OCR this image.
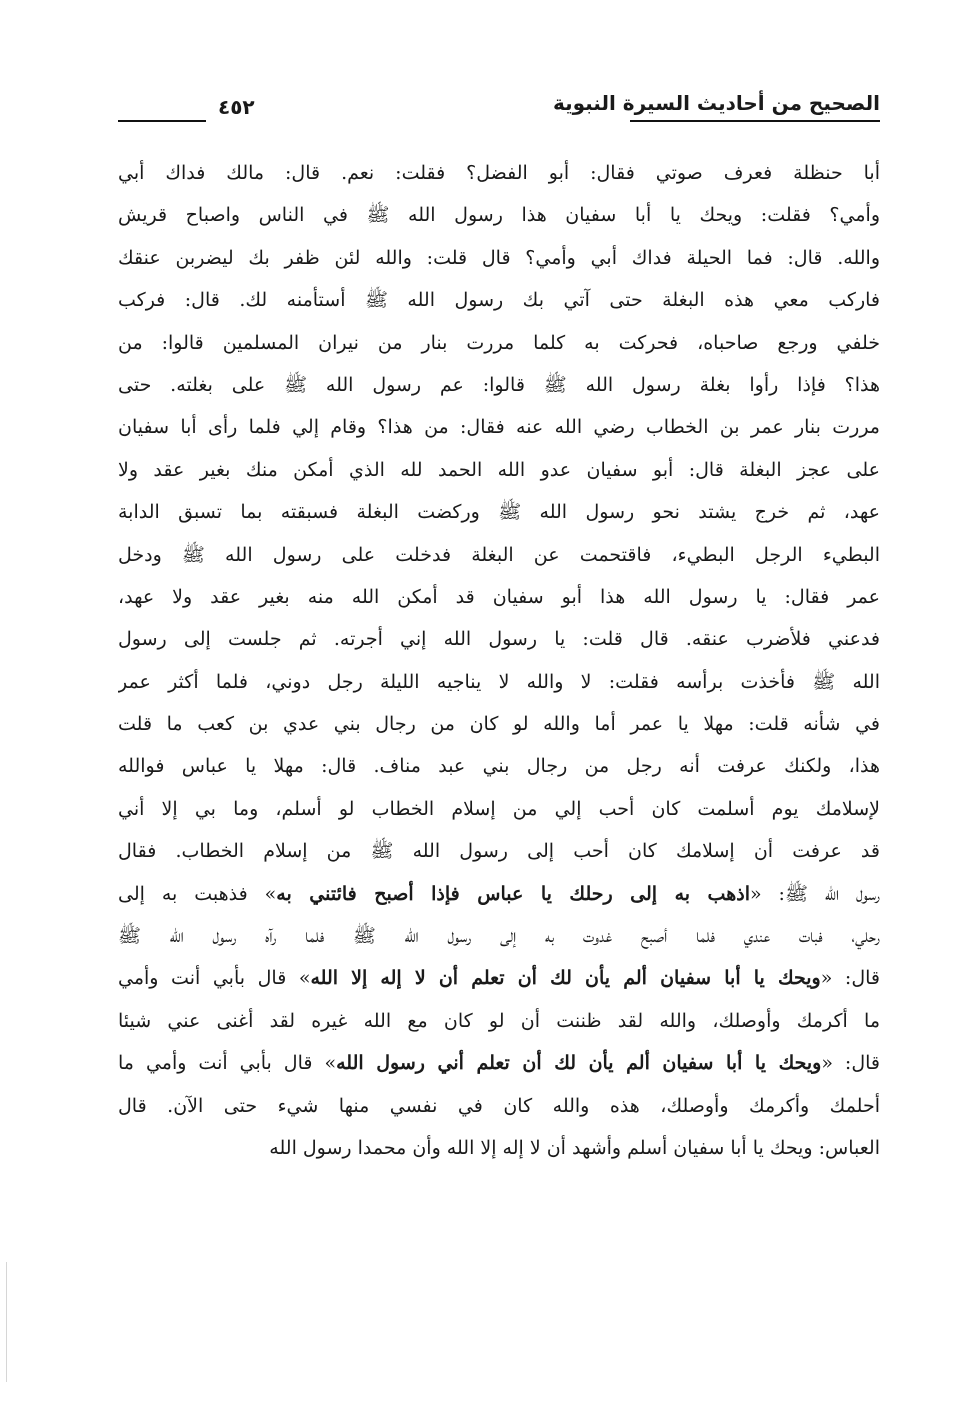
الصحيح من أحاديث السيرة النبوية
٤٥٢
أبا حنظلة فعرف صوتي فقال: أبو الفضل؟ فقلت: نعم. قال: مالك فداك أبي
وأمي؟ فقلت: ويحك يا أبا سفيان هذا رسول الله ﷺ في الناس واصباح قريش
والله. قال: فما الحيلة فداك أبي وأمي؟ قال قلت: والله لئن ظفر بك ليضربن عنقك
فاركب معي هذه البغلة حتى آتي بك رسول الله ﷺ أستأمنه لك. قال: فركب
خلفي ورجع صاحباه، فحركت به كلما مررت بنار من نيران المسلمين قالوا: من
هذا؟ فإذا رأوا بغلة رسول الله ﷺ قالوا: عم رسول الله ﷺ على بغلته. حتى
مررت بنار عمر بن الخطاب رضي الله عنه فقال: من هذا؟ وقام إلي فلما رأى أبا سفيان
على عجز البغلة قال: أبو سفيان عدو الله الحمد لله الذي أمكن منك بغير عقد ولا
عهد، ثم خرج يشتد نحو رسول الله ﷺ وركضت البغلة فسبقته بما تسبق الدابة
البطيء الرجل البطيء، فاقتحمت عن البغلة فدخلت على رسول الله ﷺ ودخل
عمر فقال: يا رسول الله هذا أبو سفيان قد أمكن الله منه بغير عقد ولا عهد،
فدعني فلأضرب عنقه. قال قلت: يا رسول الله إني أجرته. ثم جلست إلى رسول
الله ﷺ فأخذت برأسه فقلت: لا والله لا يناجيه الليلة رجل دوني، فلما أكثر عمر
في شأنه قلت: مهلا يا عمر أما والله لو كان من رجال بني عدي بن كعب ما قلت
هذا، ولكنك عرفت أنه رجل من رجال بني عبد مناف. قال: مهلا يا عباس فوالله
لإسلامك يوم أسلمت كان أحب إلي من إسلام الخطاب لو أسلم، وما بي إلا أني
قد عرفت أن إسلامك كان أحب إلى رسول الله ﷺ من إسلام الخطاب. فقال
رسول الله ﷺ: «اذهب به إلى رحلك يا عباس فإذا أصبح فائتني به» فذهبت به إلى
رحلي، فبات عندي فلما أصبح غدوت به إلى رسول الله ﷺ فلما رآه رسول الله ﷺ
قال: «ويحك يا أبا سفيان ألم يأن لك أن تعلم أن لا إله إلا الله» قال بأبي أنت وأمي
ما أكرمك وأوصلك، والله لقد ظننت أن لو كان مع الله غيره لقد أغنى عني شيئا
قال: «ويحك يا أبا سفيان ألم يأن لك أن تعلم أني رسول الله» قال بأبي أنت وأمي ما
أحلمك وأكرمك وأوصلك، هذه والله كان في نفسي منها شيء حتى الآن. قال
العباس: ويحك يا أبا سفيان أسلم وأشهد أن لا إله إلا الله وأن محمدا رسول الله
